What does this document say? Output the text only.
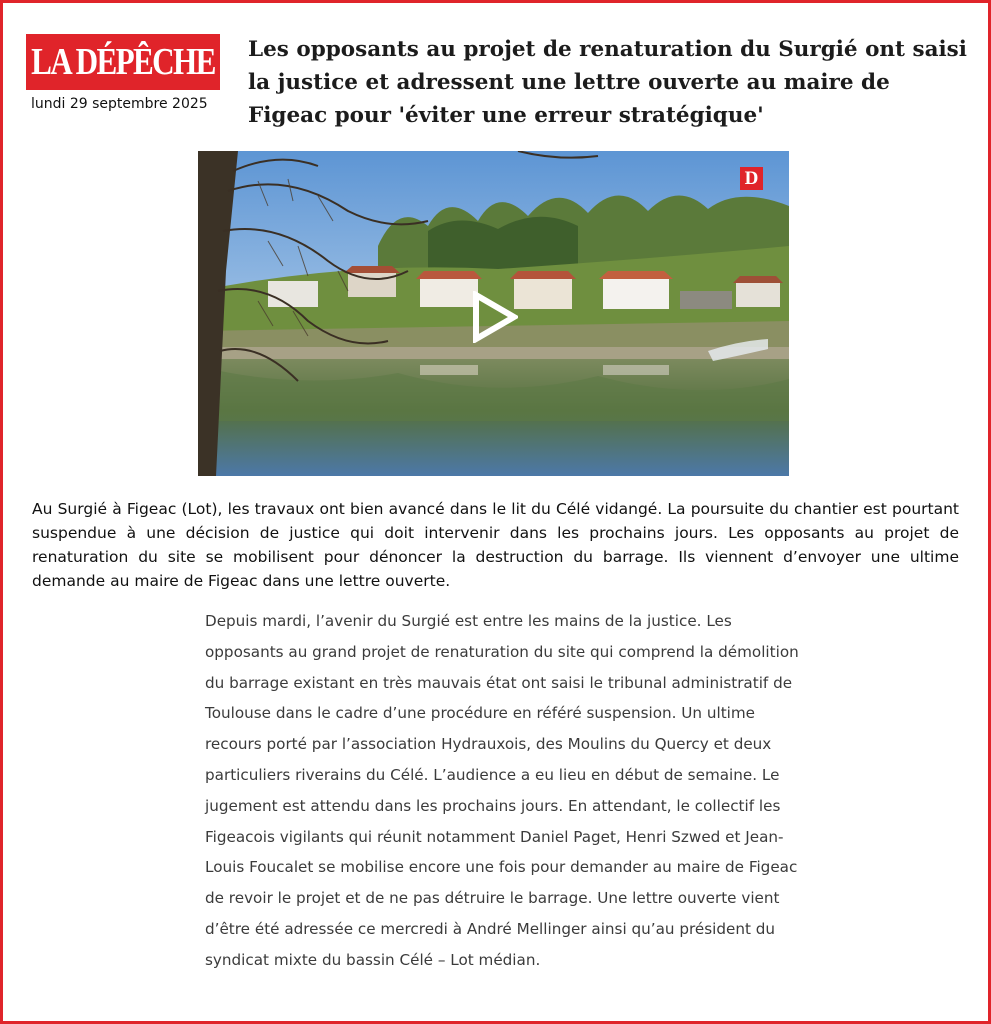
LA DÉPÊCHE
lundi 29 septembre 2025
Les opposants au projet de renaturation du Surgié ont saisi la justice et adressent une lettre ouverte au maire de Figeac pour 'éviter une erreur stratégique'
D

Au Surgié à Figeac (Lot), les travaux ont bien avancé dans le lit du Célé vidangé. La poursuite du chantier est pourtant suspendue à une décision de justice qui doit intervenir dans les prochains jours. Les opposants au projet de renaturation du site se mobilisent pour dénoncer la destruction du barrage. Ils viennent d’envoyer une ultime demande au maire de Figeac dans une lettre ouverte.

Depuis mardi, l’avenir du Surgié est entre les mains de la justice. Les opposants au grand projet de renaturation du site qui comprend la démolition du barrage existant en très mauvais état ont saisi le tribunal administratif de Toulouse dans le cadre d’une procédure en référé suspension. Un ultime recours porté par l’association Hydrauxois, des Moulins du Quercy et deux particuliers riverains du Célé. L’audience a eu lieu en début de semaine. Le jugement est attendu dans les prochains jours. En attendant, le collectif les Figeacois vigilants qui réunit notamment Daniel Paget, Henri Szwed et Jean-Louis Foucalet se mobilise encore une fois pour demander au maire de Figeac de revoir le projet et de ne pas détruire le barrage. Une lettre ouverte vient d’être été adressée ce mercredi à André Mellinger ainsi qu’au président du syndicat mixte du bassin Célé – Lot médian.
